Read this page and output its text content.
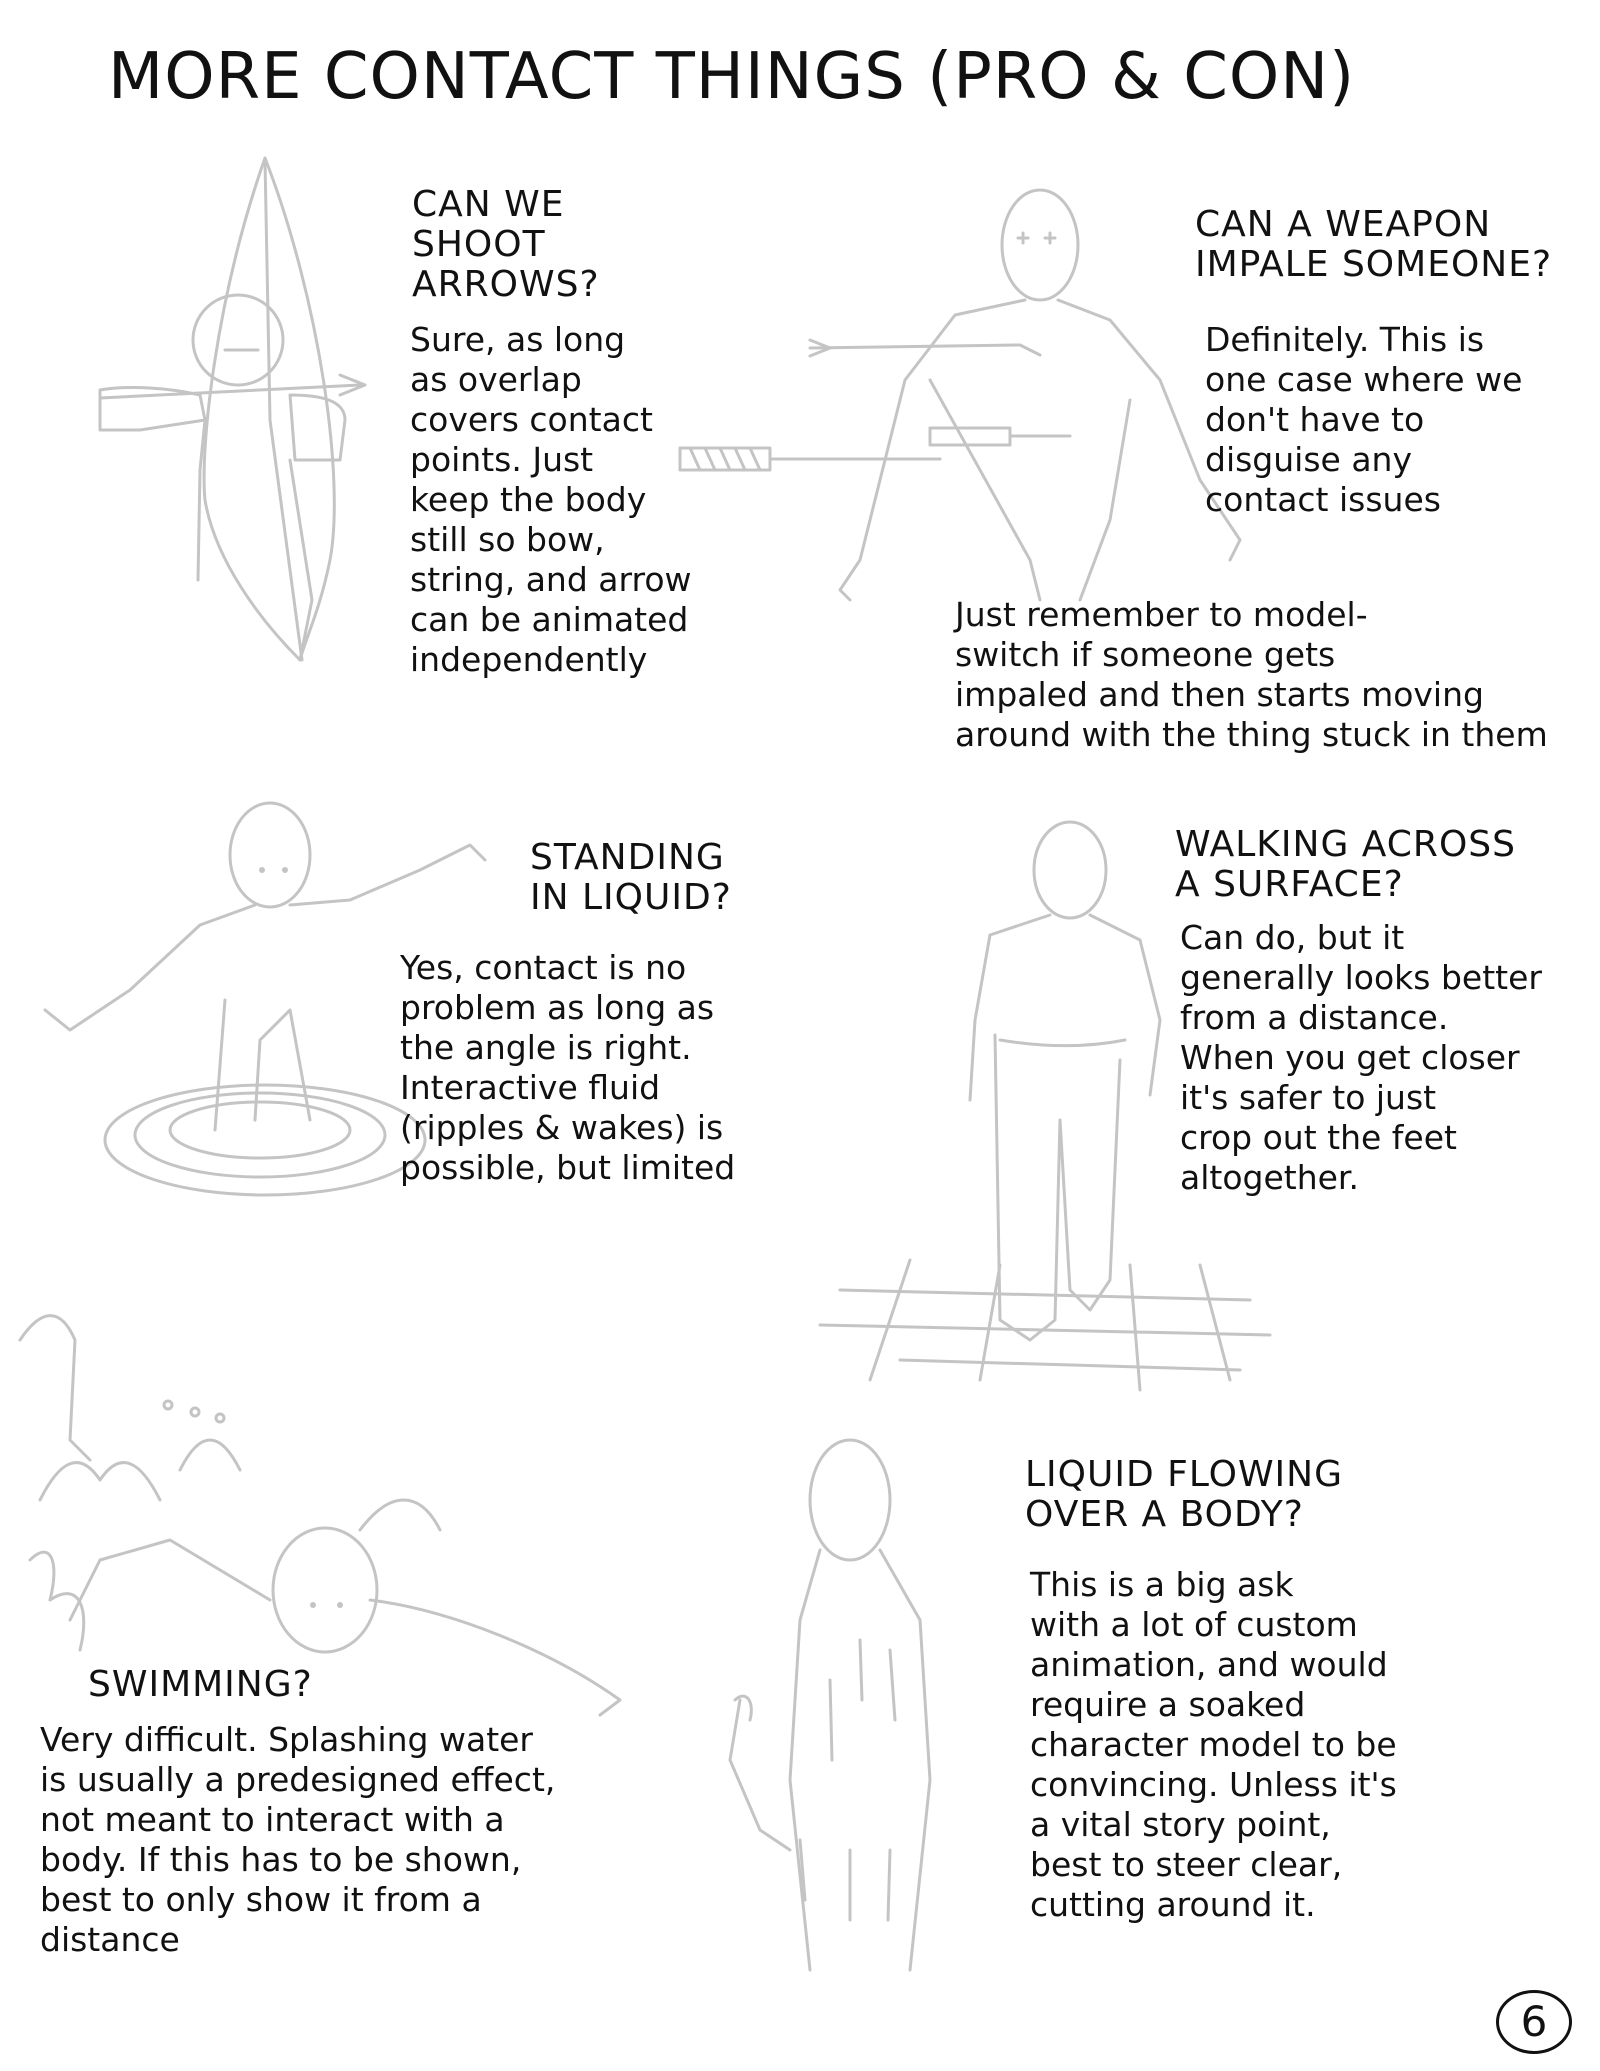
MORE CONTACT THINGS (PRO & CON)
CAN WE
SHOOT
ARROWS?
Sure, as long
as overlap
covers contact
points. Just
keep the body
still so bow,
string, and arrow
can be animated
independently
CAN A WEAPON
IMPALE SOMEONE?
Definitely. This is
one case where we
don't have to
disguise any
contact issues
Just remember to model-
switch if someone gets
impaled and then starts moving
around with the thing stuck in them
STANDING
IN LIQUID?
Yes, contact is no
problem as long as
the angle is right.
Interactive fluid
(ripples & wakes) is
possible, but limited
WALKING ACROSS
A SURFACE?
Can do, but it
generally looks better
from a distance.
When you get closer
it's safer to just
crop out the feet
altogether.
SWIMMING?
Very difficult. Splashing water
is usually a predesigned effect,
not meant to interact with a
body. If this has to be shown,
best to only show it from a
distance
LIQUID FLOWING
OVER A BODY?
This is a big ask
with a lot of custom
animation, and would
require a soaked
character model to be
convincing. Unless it's
a vital story point,
best to steer clear,
cutting around it.
6
